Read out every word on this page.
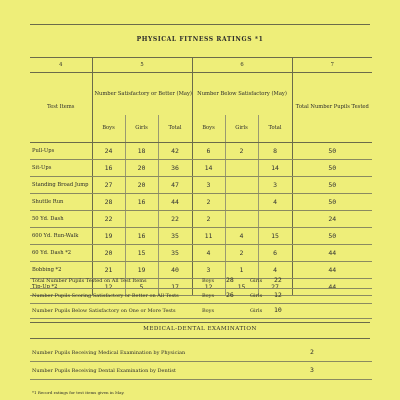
PHYSICAL FITNESS RATINGS *1
4	5			6			7
Test Items	Number Satisfactory or Better (May)			Number Below Satisfactory (May)			Total Number Pupils Tested
	Boys	Girls	Total	Boys	Girls	Total	
Pull-Ups	24	18	42	6	2	8	50
Sit-Ups	16	20	36	14		14	50
Standing Broad Jump	27	20	47	3		3	50
Shuttle Run	28	16	44	2		4	50
50 Yd. Dash	22		22	2			24
600 Yd. Run-Walk	19	16	35	11	4	15	50
60 Yd. Dash *2	20	15	35	4	2	6	44
Bobbing *2	21	19	40	3	1	4	44
Tip-Up *2	12	5	17	12	15	27	44
Total Number Pupils Tested on All Test Items	Boys 28	Girls 22
Number Pupils Scoring Satisfactory or Better on All Tests	Boys 26	Girls 12
Number Pupils Below Satisfactory on One or More Tests	Boys	Girls 10
MEDICAL-DENTAL EXAMINATION
Number Pupils Receiving Medical Examination by Physician	2
Number Pupils Receiving Dental Examination by Dentist	3
*1 Record ratings for test items given in May.
